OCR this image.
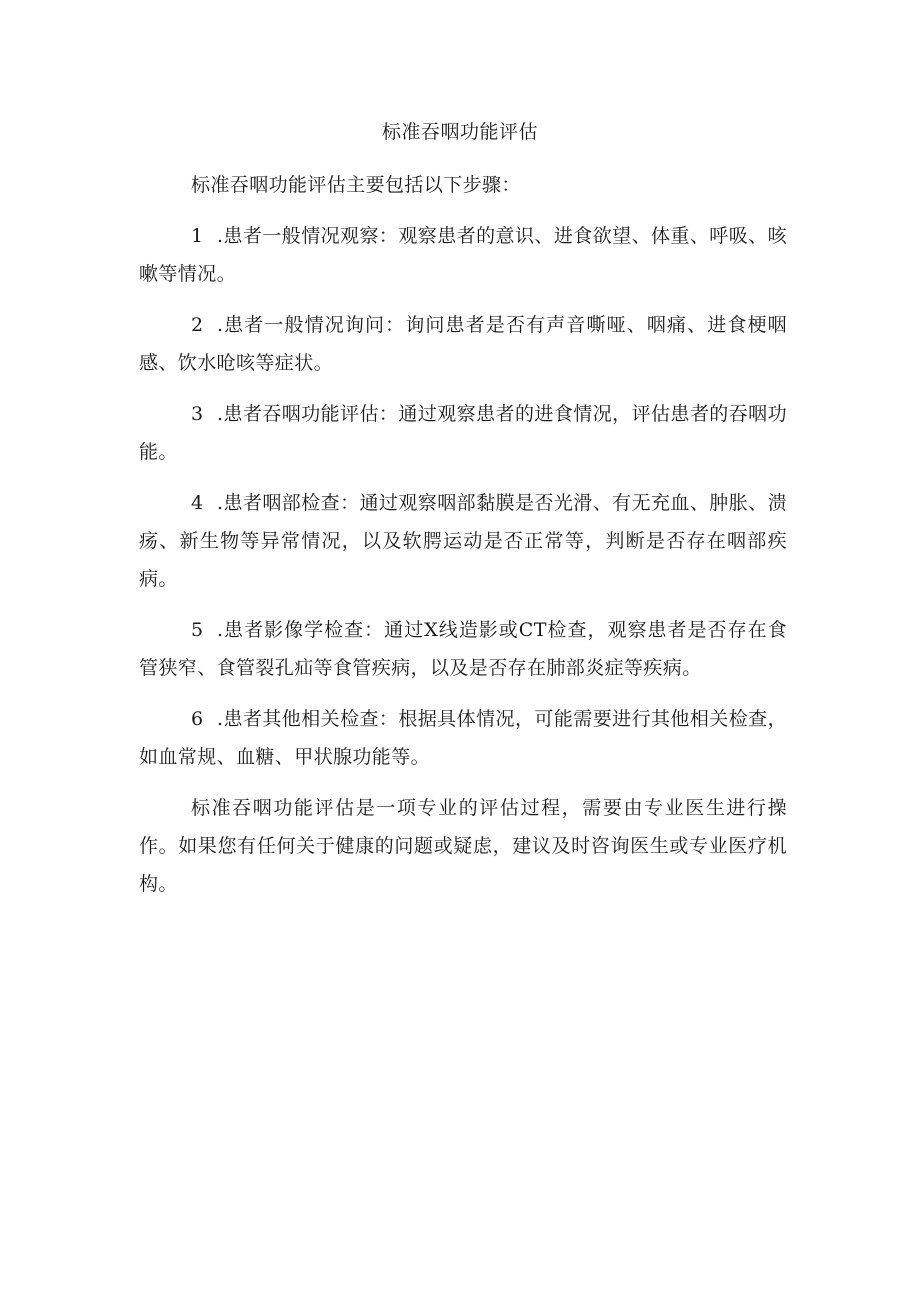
标准吞咽功能评估

标准吞咽功能评估主要包括以下步骤：

1 .患者一般情况观察：观察患者的意识、进食欲望、体重、呼吸、咳嗽等情况。

2 .患者一般情况询问：询问患者是否有声音嘶哑、咽痛、进食梗咽感、饮水呛咳等症状。

3 .患者吞咽功能评估：通过观察患者的进食情况，评估患者的吞咽功能。

4 .患者咽部检查：通过观察咽部黏膜是否光滑、有无充血、肿胀、溃疡、新生物等异常情况，以及软腭运动是否正常等，判断是否存在咽部疾病。

5 .患者影像学检查：通过X线造影或CT检查，观察患者是否存在食管狭窄、食管裂孔疝等食管疾病，以及是否存在肺部炎症等疾病。

6 .患者其他相关检查：根据具体情况，可能需要进行其他相关检查，如血常规、血糖、甲状腺功能等。

标准吞咽功能评估是一项专业的评估过程，需要由专业医生进行操作。如果您有任何关于健康的问题或疑虑，建议及时咨询医生或专业医疗机构。
